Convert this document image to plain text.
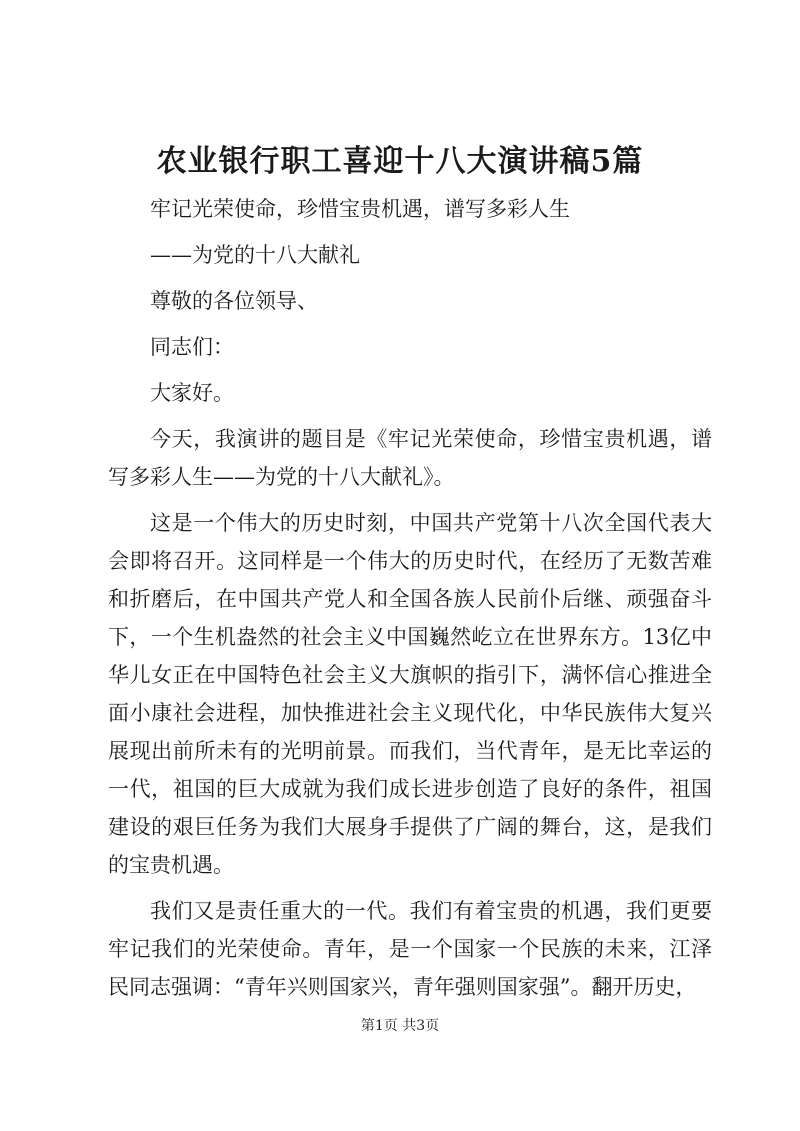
农业银行职工喜迎十八大演讲稿5篇

牢记光荣使命，珍惜宝贵机遇，谱写多彩人生

——为党的十八大献礼

尊敬的各位领导、

同志们：

大家好。

今天，我演讲的题目是《牢记光荣使命，珍惜宝贵机遇，谱写多彩人生——为党的十八大献礼》。

这是一个伟大的历史时刻，中国共产党第十八次全国代表大会即将召开。这同样是一个伟大的历史时代，在经历了无数苦难和折磨后，在中国共产党人和全国各族人民前仆后继、顽强奋斗下，一个生机盎然的社会主义中国巍然屹立在世界东方。13亿中华儿女正在中国特色社会主义大旗帜的指引下，满怀信心推进全面小康社会进程，加快推进社会主义现代化，中华民族伟大复兴展现出前所未有的光明前景。而我们，当代青年，是无比幸运的一代，祖国的巨大成就为我们成长进步创造了良好的条件，祖国建设的艰巨任务为我们大展身手提供了广阔的舞台，这，是我们的宝贵机遇。

我们又是责任重大的一代。我们有着宝贵的机遇，我们更要牢记我们的光荣使命。青年，是一个国家一个民族的未来，江泽民同志强调：“青年兴则国家兴，青年强则国家强”。翻开历史，

第1页 共3页
